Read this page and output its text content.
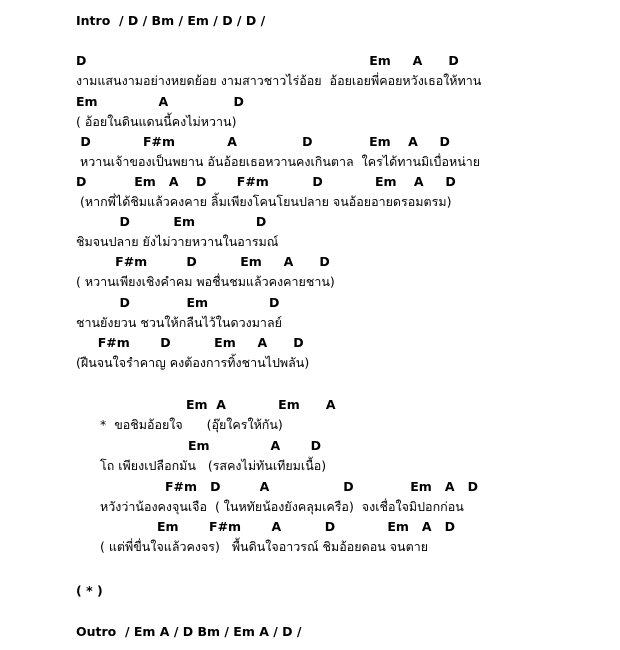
Intro  / D / Bm / Em / D / D /
D                                                                 Em     A      D
งามแสนงามอย่างหยดย้อย งามสาวชาวไร่อ้อย  อ้อยเอยพี่คอยหวังเธอให้ทาน
Em              A               D
( อ้อยในดินแดนนี้คงไม่หวาน)
D            F#m            A               D             Em    A     D
หวานเจ้าของเป็นพยาน อันอ้อยเธอหวานคงเกินตาล  ใครได้ทานมิเบื่อหน่าย
D           Em   A    D       F#m          D            Em    A     D
(หากพี่ได้ชิมแล้วคงคาย ลิ้มเพียงโคนโยนปลาย จนอ้อยอายดรอมตรม)
D          Em              D
ชิมจนปลาย ยังไม่วายหวานในอารมณ์
F#m         D          Em     A      D
( หวานเพียงเชิงคำคม พอชื่นชมแล้วคงคายชาน)
D             Em              D
ชานยังยวน ชวนให้กลืนไว้ในดวงมาลย์
F#m       D          Em     A      D
(ฝืนจนใจรำคาญ คงต้องการทิ้งชานไปพลัน)
Em  A            Em      A
*  ขอชิมอ้อยใจ      (อุ๊ยใครให้กัน)
Em              A       D
โถ เพียงเปลือกมัน   (รสคงไม่ทันเทียมเนื้อ)
F#m   D         A                 D             Em   A   D
หวังว่าน้องคงจุนเจือ  ( ในหทัยน้องยังคลุมเครือ)  จงเชื่อใจมิปอกก่อน
Em       F#m       A          D            Em   A   D
( แต่พี่ขื่นใจแล้วคงจร)   พื้นดินใจอาวรณ์ ชิมอ้อยดอน จนตาย
( * )
Outro  / Em A / D Bm / Em A / D /
